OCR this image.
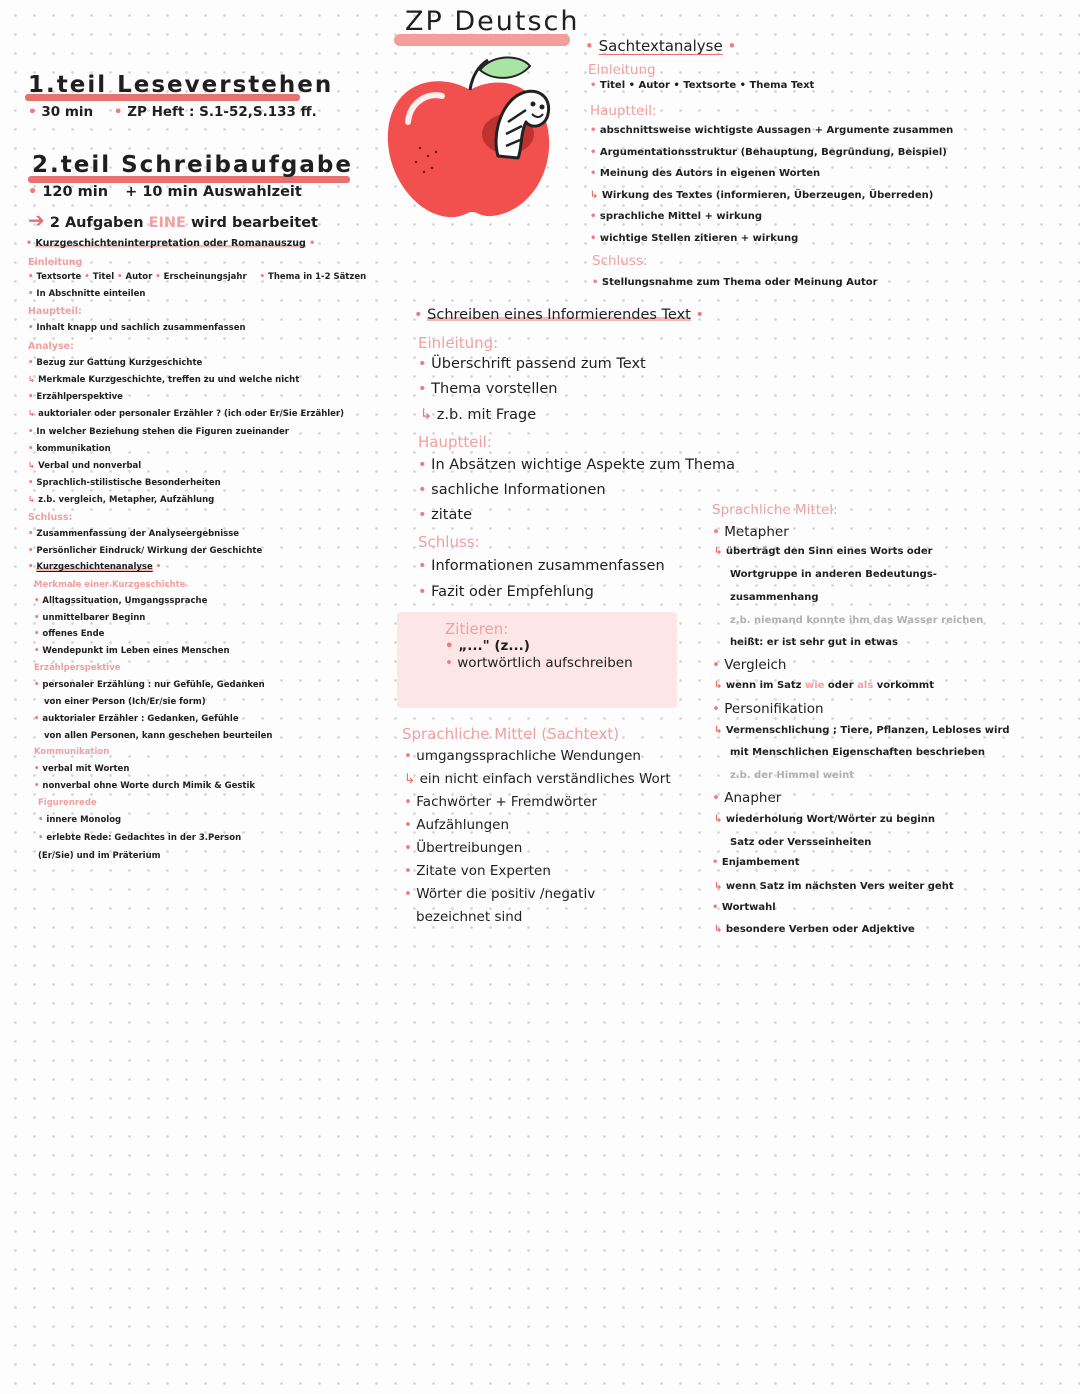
ZP Deutsch
1.teil Leseverstehen
• 30 min • ZP Heft : S.1-52,S.133 ff.
2.teil Schreibaufgabe
• 120 min + 10 min Auswahlzeit
➔ 2 Aufgaben EINE wird bearbeitet
• Kurzgeschichteninterpretation oder Romanauszug •
Einleitung
• Textsorte • Titel • Autor • Erscheinungsjahr • Thema in 1-2 Sätzen
• In Abschnitte einteilen
Hauptteil:
• Inhalt knapp und sachlich zusammenfassen
Analyse:
• Bezug zur Gattung Kurzgeschichte
↳ Merkmale Kurzgeschichte, treffen zu und welche nicht
• Erzählperspektive
↳ auktorialer oder personaler Erzähler ? (ich oder Er/Sie Erzähler)
• In welcher Beziehung stehen die Figuren zueinander
• kommunikation
↳ Verbal und nonverbal
• Sprachlich-stilistische Besonderheiten
↳ z.b. vergleich, Metapher, Aufzählung
Schluss:
• Zusammenfassung der Analyseergebnisse
• Persönlicher Eindruck/ Wirkung der Geschichte
• Kurzgeschichtenanalyse •
Merkmale einer Kurzgeschichte
• Alltagssituation, Umgangssprache
• unmittelbarer Beginn
• offenes Ende
• Wendepunkt im Leben eines Menschen
Erzählperspektive
• personaler Erzählung : nur Gefühle, Gedanken
von einer Person (Ich/Er/sie form)
• auktorialer Erzähler : Gedanken, Gefühle
von allen Personen, kann geschehen beurteilen
Kommunikation
• verbal mit Worten
• nonverbal ohne Worte durch Mimik & Gestik
Figurenrede
• innere Monolog
• erlebte Rede: Gedachtes in der 3.Person
(Er/Sie) und im Präterium
• Sachtextanalyse •
Einleitung
• Titel • Autor • Textsorte • Thema Text
Hauptteil:
• abschnittsweise wichtigste Aussagen + Argumente zusammen
• Argumentationsstruktur (Behauptung, Begründung, Beispiel)
• Meinung des Autors in eigenen Worten
↳ Wirkung des Textes (informieren, Überzeugen, Überreden)
• sprachliche Mittel + wirkung
• wichtige Stellen zitieren + wirkung
Schluss:
• Stellungsnahme zum Thema oder Meinung Autor
• Schreiben eines Informierendes Text •
Einleitung:
• Überschrift passend zum Text
• Thema vorstellen
↳ z.b. mit Frage
Hauptteil:
• In Absätzen wichtige Aspekte zum Thema
• sachliche Informationen
• zitate
Schluss:
• Informationen zusammenfassen
• Fazit oder Empfehlung
Zitieren:
• „..." (z...)
• wortwörtlich aufschreiben
Sprachliche Mittel (Sachtext)
• umgangssprachliche Wendungen
↳ ein nicht einfach verständliches Wort
• Fachwörter + Fremdwörter
• Aufzählungen
• Übertreibungen
• Zitate von Experten
• Wörter die positiv /negativ
bezeichnet sind
Sprachliche Mittel:
• Metapher
↳ überträgt den Sinn eines Worts oder
Wortgruppe in anderen Bedeutungs-
zusammenhang
z.b. niemand konnte ihm das Wasser reichen
heißt: er ist sehr gut in etwas
• Vergleich
↳ wenn im Satz wie oder als vorkommt
• Personifikation
↳ Vermenschlichung ; Tiere, Pflanzen, Lebloses wird
mit Menschlichen Eigenschaften beschrieben
z.b. der Himmel weint
• Anapher
↳ wiederholung Wort/Wörter zu beginn
Satz oder Versseinheiten
• Enjambement
↳ wenn Satz im nächsten Vers weiter geht
• Wortwahl
↳ besondere Verben oder Adjektive
